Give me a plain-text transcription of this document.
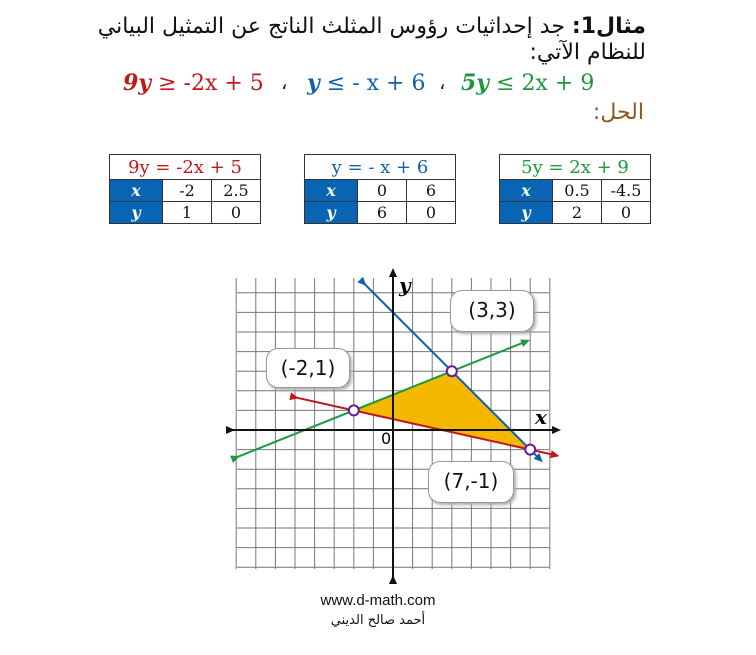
مثال1: جد إحداثيات رؤوس المثلث الناتج عن التمثيل البياني
للنظام الآتي:
9y ≥ -2x + 5 ، y ≤ - x + 6 ، 5y ≤ 2x + 9
الحل:
9y = -2x + 5		
x	-2	2.5
y	1	0
y = - x + 6		
x	0	6
y	6	0
5y = 2x + 9		
x	0.5	-4.5
y	2	0
x
y
0
(-2,1)
(3,3)
(7,-1)
www.d-math.com
أحمد صالح الديني
